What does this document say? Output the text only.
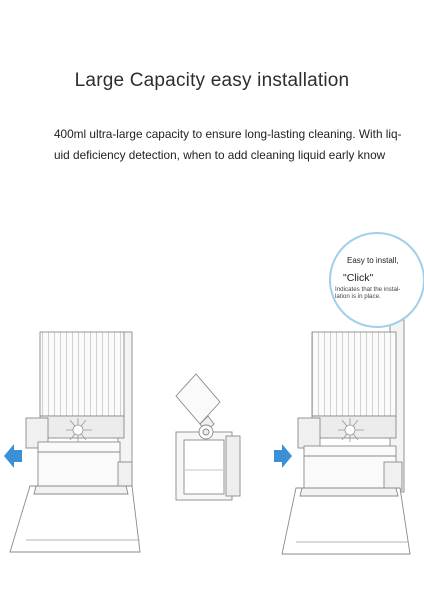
Large Capacity easy installation
400ml ultra-large capacity to ensure long-lasting cleaning. With liq-
uid deficiency detection, when to add cleaning liquid early know
Easy to install,
"Click"
Indicates that the instal-
lation is in place.
